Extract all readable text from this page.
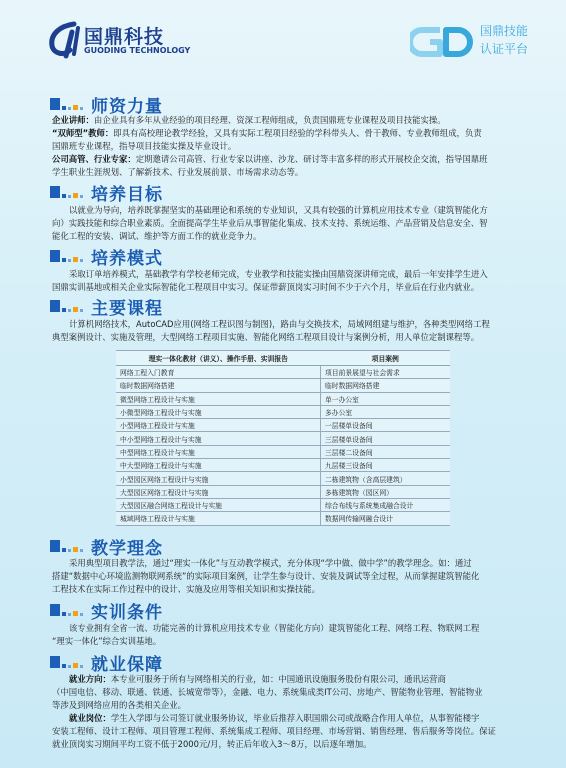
国鼎科技
GUODING TECHNOLOGY
国鼎技能
认证平台
师资力量
企业讲师：由企业具有多年从业经验的项目经理、资深工程师组成，负责国鼎班专业课程及项目技能实操。
“双师型”教师：即具有高校理论教学经验，又具有实际工程项目经验的学科带头人、骨干教师、专业教师组成，负责
国鼎班专业课程，指导项目技能实操及毕业设计。
公司高管、行业专家：定期邀请公司高管、行业专家以讲座、沙龙、研讨等丰富多样的形式开展校企交流，指导国鼎班
学生职业生涯规划、了解新技术、行业发展前景、市场需求动态等。
培养目标
以就业为导向，培养既掌握坚实的基础理论和系统的专业知识，又具有较强的计算机应用技术专业（建筑智能化方
向）实践技能和综合职业素质。全面提高学生毕业后从事智能化集成、技术支持、系统运维、产品营销及信息安全、智
能化工程的安装、调试、维护等方面工作的就业竞争力。
培养模式
采取订单培养模式，基础教学有学校老师完成，专业教学和技能实操由国鼎资深讲师完成，最后一年安排学生进入
国鼎实训基地或相关企业实际智能化工程项目中实习。保证带薪顶岗实习时间不少于六个月，毕业后在行业内就业。
主要课程
计算机网络技术，AutoCAD应用(网络工程识图与制图)，路由与交换技术，局域网组建与维护，各种类型网络工程
典型案例设计、实施及管理，大型网络工程项目实施、智能化网络工程项目设计与案例分析，用人单位定制课程等。
理实一体化教材（讲义）、操作手册、实训报告	项目案例
网络工程入门教育	项目前景展望与社会需求
临时数据网络搭建	临时数据网络搭建
微型网络工程设计与实施	单一办公室
小微型网络工程设计与实施	多办公室
小型网络工程设计与实施	一层楼单设备间
中小型网络工程设计与实施	三层楼单设备间
中型网络工程设计与实施	三层楼二设备间
中大型网络工程设计与实施	九层楼三设备间
小型园区网络工程设计与实施	二栋建筑物（含高层建筑）
大型园区网络工程设计与实施	多栋建筑物（园区网）
大型园区融合网络工程设计与实施	综合布线与系统集成融合设计
城域网络工程设计与实施	数据网传输网融合设计
教学理念
采用典型项目教学法，通过“理实一体化”与互动教学模式，充分体现“学中做、做中学”的教学理念。如：通过
搭建“数据中心环境监测物联网系统”的实际项目案例，让学生参与设计、安装及调试等全过程，从而掌握建筑智能化
工程技术在实际工作过程中的设计、实施及应用等相关知识和实操技能。
实训条件
该专业拥有全省一流、功能完善的计算机应用技术专业（智能化方向）建筑智能化工程、网络工程、物联网工程
“理实一体化”综合实训基地。
就业保障
就业方向：本专业可服务于所有与网络相关的行业，如：中国通讯设施服务股份有限公司，通讯运营商
（中国电信、移动、联通、铁通、长城宽带等），金融、电力、系统集成类IT公司、房地产、智能物业管理、智能物业
等涉及到网络应用的各类相关企业。
就业岗位：学生入学即与公司签订就业服务协议，毕业后推荐入职国鼎公司或战略合作用人单位，从事智能楼宇
安装工程师、设计工程师、项目管理工程师、系统集成工程师、项目经理、市场营销、销售经理、售后服务等岗位。保证
就业顶岗实习期间平均工资不低于2000元/月，转正后年收入3～8万，以后逐年增加。
